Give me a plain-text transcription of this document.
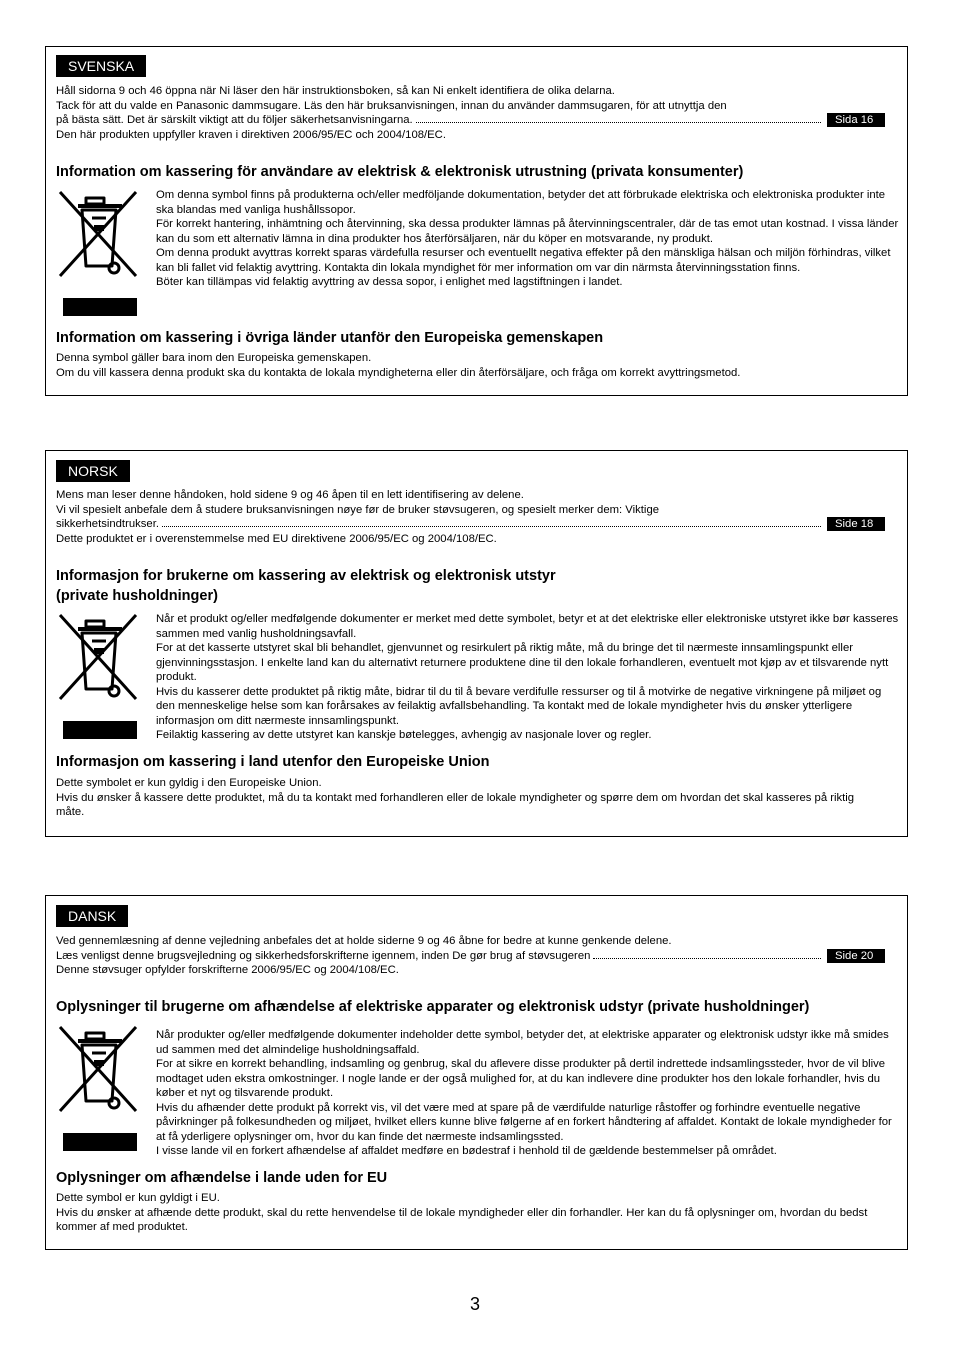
SVENSKA
Håll sidorna 9 och 46 öppna när Ni läser den här instruktionsboken, så kan Ni enkelt identifiera de olika delarna.
Tack för att du valde en Panasonic dammsugare. Läs den här bruksanvisningen, innan du använder dammsugaren, för att utnyttja den
på bästa sätt. Det är särskilt viktigt att du följer säkerhetsanvisningarna.	Sida 16
Den här produkten uppfyller kraven i direktiven 2006/95/EC och 2004/108/EC.
Information om kassering för användare av elektrisk & elektronisk utrustning (privata konsumenter)
Om denna symbol finns på produkterna och/eller medföljande dokumentation, betyder det att förbrukade elektriska och elektroniska produkter inte ska blandas med vanliga hushållssopor.
För korrekt hantering, inhämtning och återvinning, ska dessa produkter lämnas på återvinningscentraler, där de tas emot utan kostnad. I vissa länder kan du som ett alternativ lämna in dina produkter hos återförsäljaren, när du köper en motsvarande, ny produkt.
Om denna produkt avyttras korrekt sparas värdefulla resurser och eventuellt negativa effekter på den mänskliga hälsan och miljön förhindras, vilket kan bli fallet vid felaktig avyttring. Kontakta din lokala myndighet för mer information om var din närmsta återvinningsstation finns.
Böter kan tillämpas vid felaktig avyttring av dessa sopor, i enlighet med lagstiftningen i landet.
Information om kassering i övriga länder utanför den Europeiska gemenskapen
Denna symbol gäller bara inom den Europeiska gemenskapen.
Om du vill kassera denna produkt ska du kontakta de lokala myndigheterna eller din återförsäljare, och fråga om korrekt avyttringsmetod.
NORSK
Mens man leser denne håndoken, hold sidene 9 og 46 åpen til en lett identifisering av delene.
Vi vil spesielt anbefale dem å studere bruksanvisningen nøye før de bruker støvsugeren, og spesielt merker dem: Viktige
sikkerhetsindtrukser.	Side 18
Dette produktet er i overenstemmelse med EU direktivene 2006/95/EC og 2004/108/EC.
Informasjon for brukerne om kassering av elektrisk og elektronisk utstyr
(private husholdninger)
Når et produkt og/eller medfølgende dokumenter er merket med dette symbolet, betyr et at det elektriske eller elektroniske utstyret ikke bør kasseres sammen med vanlig husholdningsavfall.
For at det kasserte utstyret skal bli behandlet, gjenvunnet og resirkulert på riktig måte, må du bringe det til nærmeste innsamlingspunkt eller gjenvinningsstasjon. I enkelte land kan du alternativt returnere produktene dine til den lokale forhandleren, eventuelt mot kjøp av et tilsvarende nytt produkt.
Hvis du kasserer dette produktet på riktig måte, bidrar til du til å bevare verdifulle ressurser og til å motvirke de negative virkningene på miljøet og den menneskelige helse som kan forårsakes av feilaktig avfallsbehandling. Ta kontakt med de lokale myndigheter hvis du ønsker ytterligere informasjon om ditt nærmeste innsamlingspunkt.
Feilaktig kassering av dette utstyret kan kanskje bøtelegges, avhengig av nasjonale lover og regler.
Informasjon om kassering i land utenfor den Europeiske Union
Dette symbolet er kun gyldig i den Europeiske Union.
Hvis du ønsker å kassere dette produktet, må du ta kontakt med forhandleren eller de lokale myndigheter og spørre dem om hvordan det skal kasseres på riktig måte.
DANSK
Ved gennemlæsning af denne vejledning anbefales det at holde siderne 9 og 46 åbne for bedre at kunne genkende delene.
Læs venligst denne brugsvejledning og sikkerhedsforskrifterne igennem, inden De gør brug af støvsugeren	Side 20
Denne støvsuger opfylder forskrifterne 2006/95/EC og 2004/108/EC.
Oplysninger til brugerne om afhændelse af elektriske apparater og elektronisk udstyr (private husholdninger)
Når produkter og/eller medfølgende dokumenter indeholder dette symbol, betyder det, at elektriske apparater og elektronisk udstyr ikke må smides ud sammen med det almindelige husholdningsaffald.
For at sikre en korrekt behandling, indsamling og genbrug, skal du aflevere disse produkter på dertil indrettede indsamlingssteder, hvor de vil blive modtaget uden ekstra omkostninger. I nogle lande er der også mulighed for, at du kan indlevere dine produkter hos den lokale forhandler, hvis du køber et nyt og tilsvarende produkt.
Hvis du afhænder dette produkt på korrekt vis, vil det være med at spare på de værdifulde naturlige råstoffer og forhindre eventuelle negative påvirkninger på folkesundheden og miljøet, hvilket ellers kunne blive følgerne af en forkert håndtering af affaldet. Kontakt de lokale myndigheder for at få yderligere oplysninger om, hvor du kan finde det nærmeste indsamlingssted.
I visse lande vil en forkert afhændelse af affaldet medføre en bødestraf i henhold til de gældende bestemmelser på området.
Oplysninger om afhændelse i lande uden for EU
Dette symbol er kun gyldigt i EU.
Hvis du ønsker at afhænde dette produkt, skal du rette henvendelse til de lokale myndigheder eller din forhandler. Her kan du få oplysninger om, hvordan du bedst kommer af med produktet.
3
